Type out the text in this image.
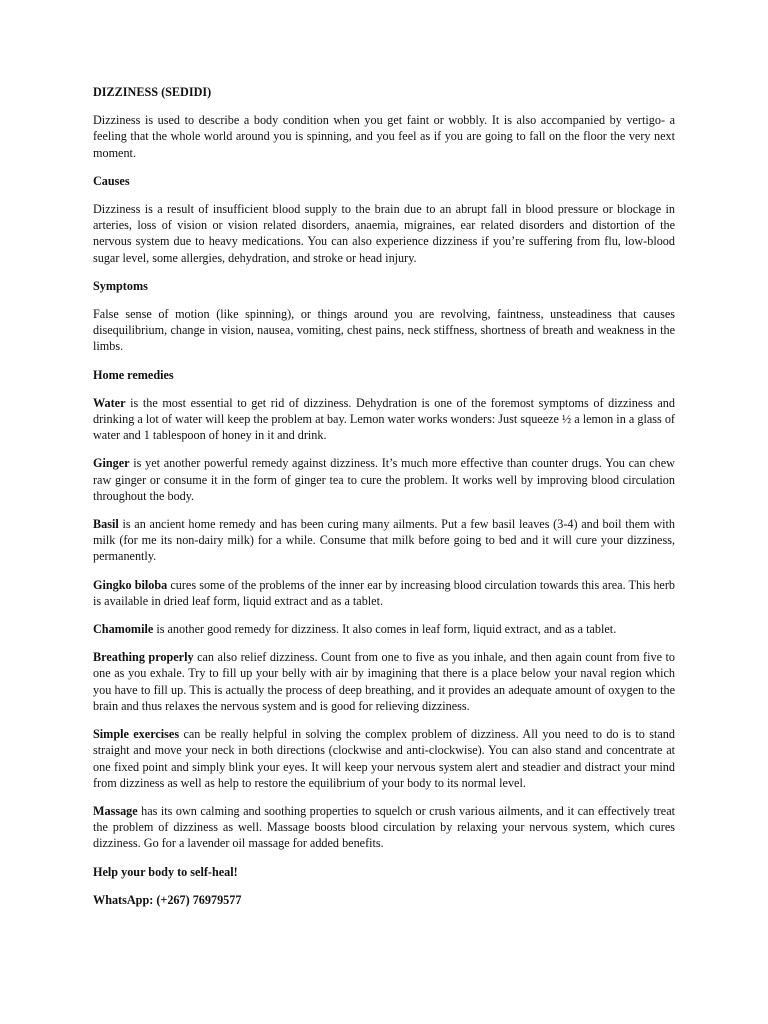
DIZZINESS (SEDIDI)

Dizziness is used to describe a body condition when you get faint or wobbly. It is also accompanied by vertigo- a feeling that the whole world around you is spinning, and you feel as if you are going to fall on the floor the very next moment.

Causes

Dizziness is a result of insufficient blood supply to the brain due to an abrupt fall in blood pressure or blockage in arteries, loss of vision or vision related disorders, anaemia, migraines, ear related disorders and distortion of the nervous system due to heavy medications. You can also experience dizziness if you’re suffering from flu, low-blood sugar level, some allergies, dehydration, and stroke or head injury.

Symptoms

False sense of motion (like spinning), or things around you are revolving, faintness, unsteadiness that causes disequilibrium, change in vision, nausea, vomiting, chest pains, neck stiffness, shortness of breath and weakness in the limbs.

Home remedies

Water is the most essential to get rid of dizziness. Dehydration is one of the foremost symptoms of dizziness and drinking a lot of water will keep the problem at bay. Lemon water works wonders: Just squeeze ½ a lemon in a glass of water and 1 tablespoon of honey in it and drink.

Ginger is yet another powerful remedy against dizziness. It’s much more effective than counter drugs. You can chew raw ginger or consume it in the form of ginger tea to cure the problem. It works well by improving blood circulation throughout the body.

Basil is an ancient home remedy and has been curing many ailments. Put a few basil leaves (3-4) and boil them with milk (for me its non-dairy milk) for a while. Consume that milk before going to bed and it will cure your dizziness, permanently.

Gingko biloba cures some of the problems of the inner ear by increasing blood circulation towards this area. This herb is available in dried leaf form, liquid extract and as a tablet.

Chamomile is another good remedy for dizziness. It also comes in leaf form, liquid extract, and as a tablet.

Breathing properly can also relief dizziness. Count from one to five as you inhale, and then again count from five to one as you exhale. Try to fill up your belly with air by imagining that there is a place below your naval region which you have to fill up. This is actually the process of deep breathing, and it provides an adequate amount of oxygen to the brain and thus relaxes the nervous system and is good for relieving dizziness.

Simple exercises can be really helpful in solving the complex problem of dizziness. All you need to do is to stand straight and move your neck in both directions (clockwise and anti-clockwise). You can also stand and concentrate at one fixed point and simply blink your eyes. It will keep your nervous system alert and steadier and distract your mind from dizziness as well as help to restore the equilibrium of your body to its normal level.

Massage has its own calming and soothing properties to squelch or crush various ailments, and it can effectively treat the problem of dizziness as well. Massage boosts blood circulation by relaxing your nervous system, which cures dizziness. Go for a lavender oil massage for added benefits.

Help your body to self-heal!
WhatsApp: (+267) 76979577
